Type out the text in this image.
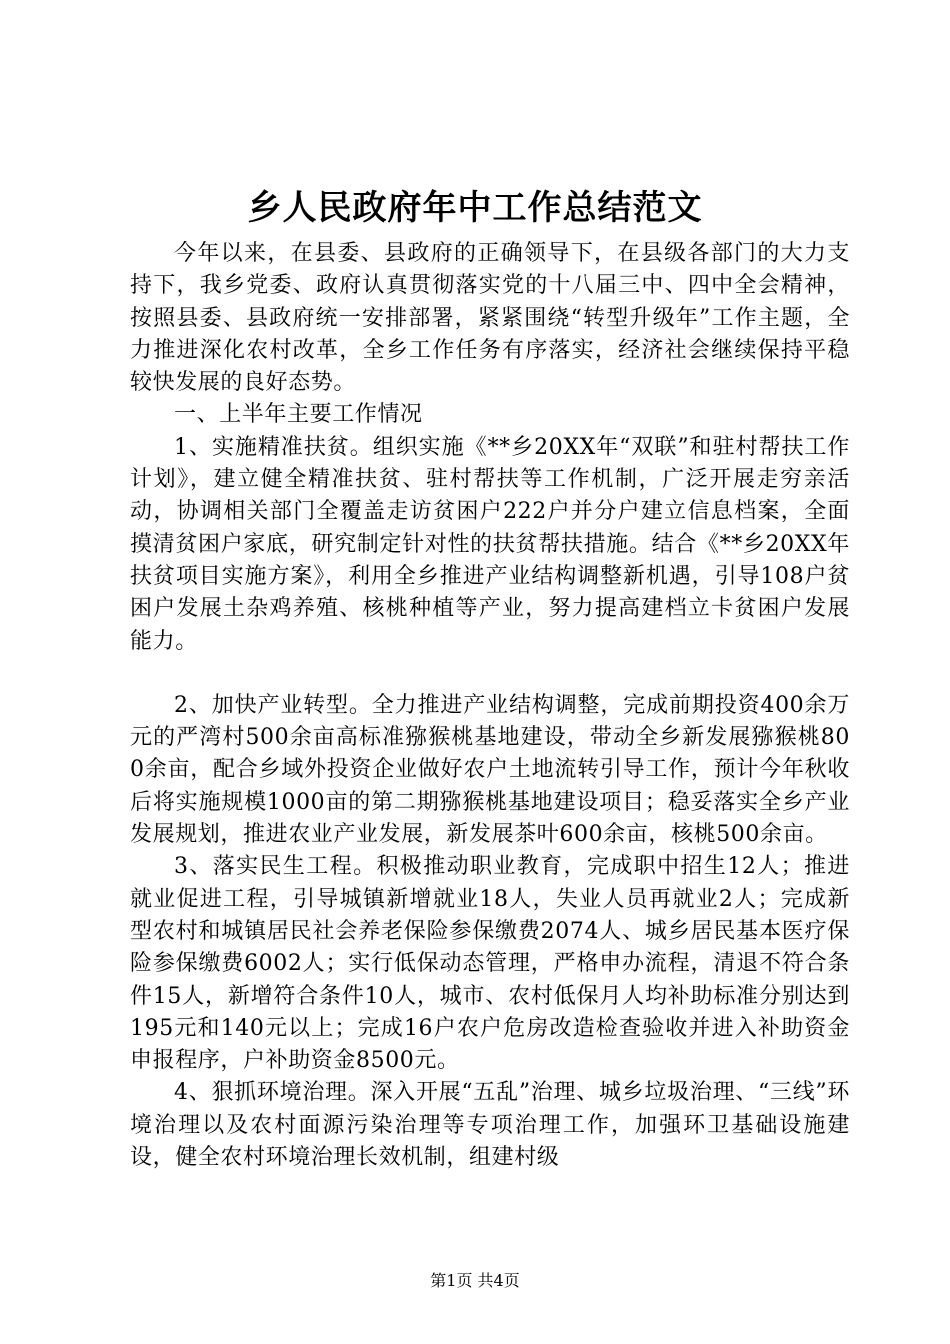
乡人民政府年中工作总结范文

今年以来，在县委、县政府的正确领导下，在县级各部门的大力支持下，我乡党委、政府认真贯彻落实党的十八届三中、四中全会精神，按照县委、县政府统一安排部署，紧紧围绕“转型升级年”工作主题，全力推进深化农村改革，全乡工作任务有序落实，经济社会继续保持平稳较快发展的良好态势。

一、上半年主要工作情况

1、实施精准扶贫。组织实施《**乡20XX年“双联”和驻村帮扶工作计划》，建立健全精准扶贫、驻村帮扶等工作机制，广泛开展走穷亲活动，协调相关部门全覆盖走访贫困户222户并分户建立信息档案，全面摸清贫困户家底，研究制定针对性的扶贫帮扶措施。结合《**乡20XX年扶贫项目实施方案》，利用全乡推进产业结构调整新机遇，引导108户贫困户发展土杂鸡养殖、核桃种植等产业，努力提高建档立卡贫困户发展能力。

2、加快产业转型。全力推进产业结构调整，完成前期投资400余万元的严湾村500余亩高标准猕猴桃基地建设，带动全乡新发展猕猴桃800余亩，配合乡域外投资企业做好农户土地流转引导工作，预计今年秋收后将实施规模1000亩的第二期猕猴桃基地建设项目；稳妥落实全乡产业发展规划，推进农业产业发展，新发展茶叶600余亩，核桃500余亩。

3、落实民生工程。积极推动职业教育，完成职中招生12人；推进就业促进工程，引导城镇新增就业18人，失业人员再就业2人；完成新型农村和城镇居民社会养老保险参保缴费2074人、城乡居民基本医疗保险参保缴费6002人；实行低保动态管理，严格申办流程，清退不符合条件15人，新增符合条件10人，城市、农村低保月人均补助标准分别达到195元和140元以上；完成16户农户危房改造检查验收并进入补助资金申报程序，户补助资金8500元。

4、狠抓环境治理。深入开展“五乱”治理、城乡垃圾治理、“三线”环境治理以及农村面源污染治理等专项治理工作，加强环卫基础设施建设，健全农村环境治理长效机制，组建村级

第1页 共4页
